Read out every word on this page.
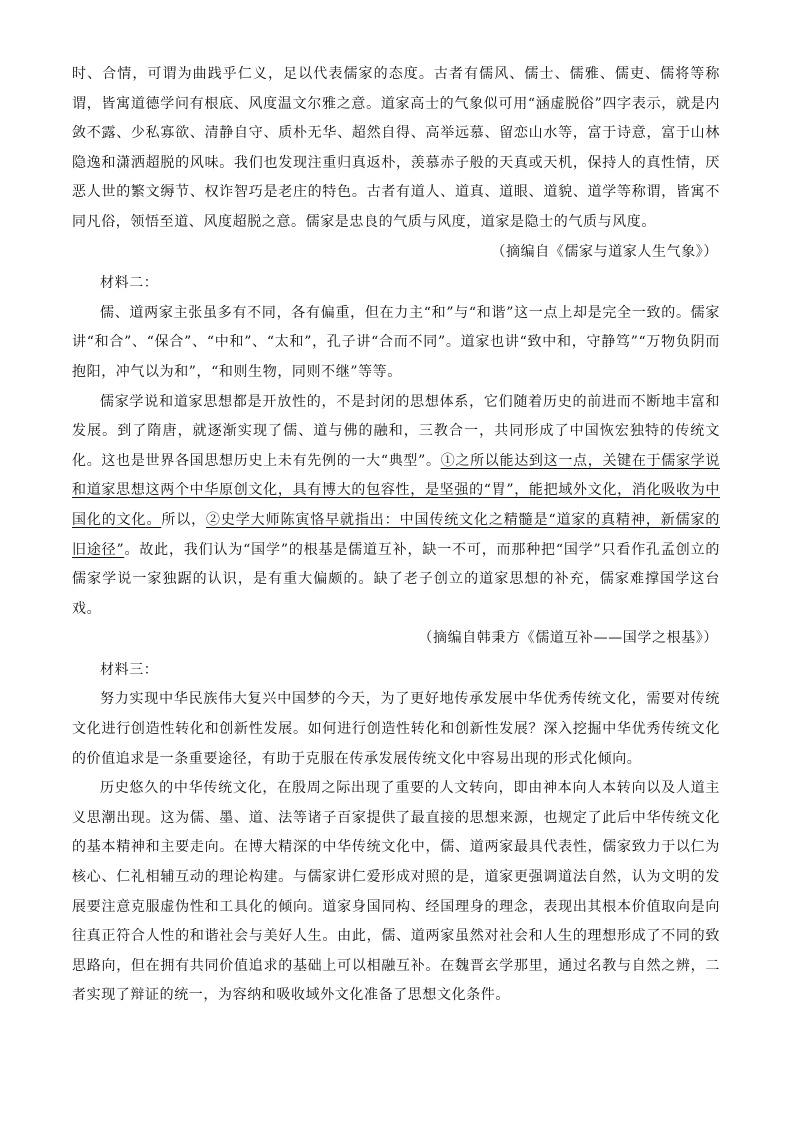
时、合情，可谓为曲践乎仁义，足以代表儒家的态度。古者有儒风、儒士、儒雅、儒吏、儒将等称谓，皆寓道德学问有根底、风度温文尔雅之意。道家高士的气象似可用“涵虚脱俗”四字表示，就是内敛不露、少私寡欲、清静自守、质朴无华、超然自得、高举远慕、留恋山水等，富于诗意，富于山林隐逸和潇洒超脱的风味。我们也发现注重归真返朴，羡慕赤子般的天真或天机，保持人的真性情，厌恶人世的繁文缛节、权诈智巧是老庄的特色。古者有道人、道真、道眼、道貌、道学等称谓，皆寓不同凡俗，领悟至道、风度超脱之意。儒家是忠良的气质与风度，道家是隐士的气质与风度。

（摘编自《儒家与道家人生气象》）

材料二：

儒、道两家主张虽多有不同，各有偏重，但在力主“和”与“和谐”这一点上却是完全一致的。儒家讲“和合”、“保合”、“中和”、“太和”，孔子讲“合而不同”。道家也讲“致中和，守静笃”“万物负阴而抱阳，冲气以为和”，“和则生物，同则不继”等等。

儒家学说和道家思想都是开放性的，不是封闭的思想体系，它们随着历史的前进而不断地丰富和发展。到了隋唐，就逐渐实现了儒、道与佛的融和，三教合一，共同形成了中国恢宏独特的传统文化。这也是世界各国思想历史上未有先例的一大“典型”。①之所以能达到这一点，关键在于儒家学说和道家思想这两个中华原创文化，具有博大的包容性，是坚强的“胃”，能把域外文化，消化吸收为中国化的文化。所以，②史学大师陈寅恪早就指出：中国传统文化之精髓是“道家的真精神，新儒家的旧途径”。故此，我们认为“国学”的根基是儒道互补，缺一不可，而那种把“国学”只看作孔孟创立的儒家学说一家独踞的认识，是有重大偏颇的。缺了老子创立的道家思想的补充，儒家难撑国学这台戏。

（摘编自韩秉方《儒道互补——国学之根基》）

材料三：

努力实现中华民族伟大复兴中国梦的今天，为了更好地传承发展中华优秀传统文化，需要对传统文化进行创造性转化和创新性发展。如何进行创造性转化和创新性发展？深入挖掘中华优秀传统文化的价值追求是一条重要途径，有助于克服在传承发展传统文化中容易出现的形式化倾向。

历史悠久的中华传统文化，在殷周之际出现了重要的人文转向，即由神本向人本转向以及人道主义思潮出现。这为儒、墨、道、法等诸子百家提供了最直接的思想来源，也规定了此后中华传统文化的基本精神和主要走向。在博大精深的中华传统文化中，儒、道两家最具代表性，儒家致力于以仁为核心、仁礼相辅互动的理论构建。与儒家讲仁爱形成对照的是，道家更强调道法自然，认为文明的发展要注意克服虚伪性和工具化的倾向。道家身国同构、经国理身的理念，表现出其根本价值取向是向往真正符合人性的和谐社会与美好人生。由此，儒、道两家虽然对社会和人生的理想形成了不同的致思路向，但在拥有共同价值追求的基础上可以相融互补。在魏晋玄学那里，通过名教与自然之辨，二者实现了辩证的统一，为容纳和吸收域外文化准备了思想文化条件。
